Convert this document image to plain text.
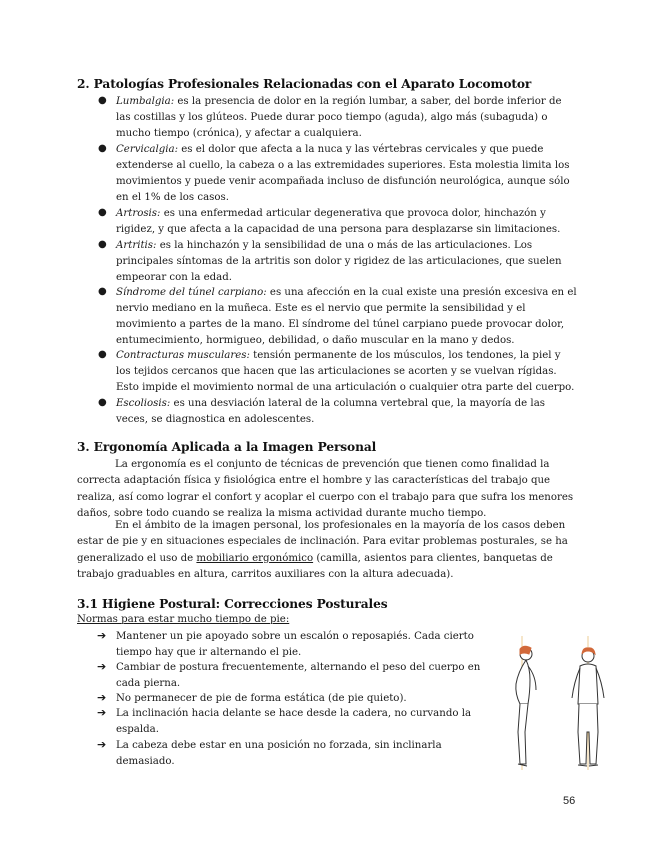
2. Patologías Profesionales Relacionadas con el Aparato Locomotor
● Lumbalgia: es la presencia de dolor en la región lumbar, a saber, del borde inferior de las costillas y los glúteos. Puede durar poco tiempo (aguda), algo más (subaguda) o mucho tiempo (crónica), y afectar a cualquiera.
● Cervicalgia: es el dolor que afecta a la nuca y las vértebras cervicales y que puede extenderse al cuello, la cabeza o a las extremidades superiores. Esta molestia limita los movimientos y puede venir acompañada incluso de disfunción neurológica, aunque sólo en el 1% de los casos.
● Artrosis: es una enfermedad articular degenerativa que provoca dolor, hinchazón y rigidez, y que afecta a la capacidad de una persona para desplazarse sin limitaciones.
● Artritis: es la hinchazón y la sensibilidad de una o más de las articulaciones. Los principales síntomas de la artritis son dolor y rigidez de las articulaciones, que suelen empeorar con la edad.
● Síndrome del túnel carpiano: es una afección en la cual existe una presión excesiva en el nervio mediano en la muñeca. Este es el nervio que permite la sensibilidad y el movimiento a partes de la mano. El síndrome del túnel carpiano puede provocar dolor, entumecimiento, hormigueo, debilidad, o daño muscular en la mano y dedos.
● Contracturas musculares: tensión permanente de los músculos, los tendones, la piel y los tejidos cercanos que hacen que las articulaciones se acorten y se vuelvan rígidas. Esto impide el movimiento normal de una articulación o cualquier otra parte del cuerpo.
● Escoliosis: es una desviación lateral de la columna vertebral que, la mayoría de las veces, se diagnostica en adolescentes.
3. Ergonomía Aplicada a la Imagen Personal

La ergonomía es el conjunto de técnicas de prevención que tienen como finalidad la correcta adaptación física y fisiológica entre el hombre y las características del trabajo que realiza, así como lograr el confort y acoplar el cuerpo con el trabajo para que sufra los menores daños, sobre todo cuando se realiza la misma actividad durante mucho tiempo.

En el ámbito de la imagen personal, los profesionales en la mayoría de los casos deben estar de pie y en situaciones especiales de inclinación. Para evitar problemas posturales, se ha generalizado el uso de mobiliario ergonómico (camilla, asientos para clientes, banquetas de trabajo graduables en altura, carritos auxiliares con la altura adecuada).

3.1 Higiene Postural: Correcciones Posturales

Normas para estar mucho tiempo de pie:

➔ Mantener un pie apoyado sobre un escalón o reposapiés. Cada cierto tiempo hay que ir alternando el pie.
➔ Cambiar de postura frecuentemente, alternando el peso del cuerpo en cada pierna.
➔ No permanecer de pie de forma estática (de pie quieto).
➔ La inclinación hacia delante se hace desde la cadera, no curvando la espalda.
➔ La cabeza debe estar en una posición no forzada, sin inclinarla demasiado.
56
